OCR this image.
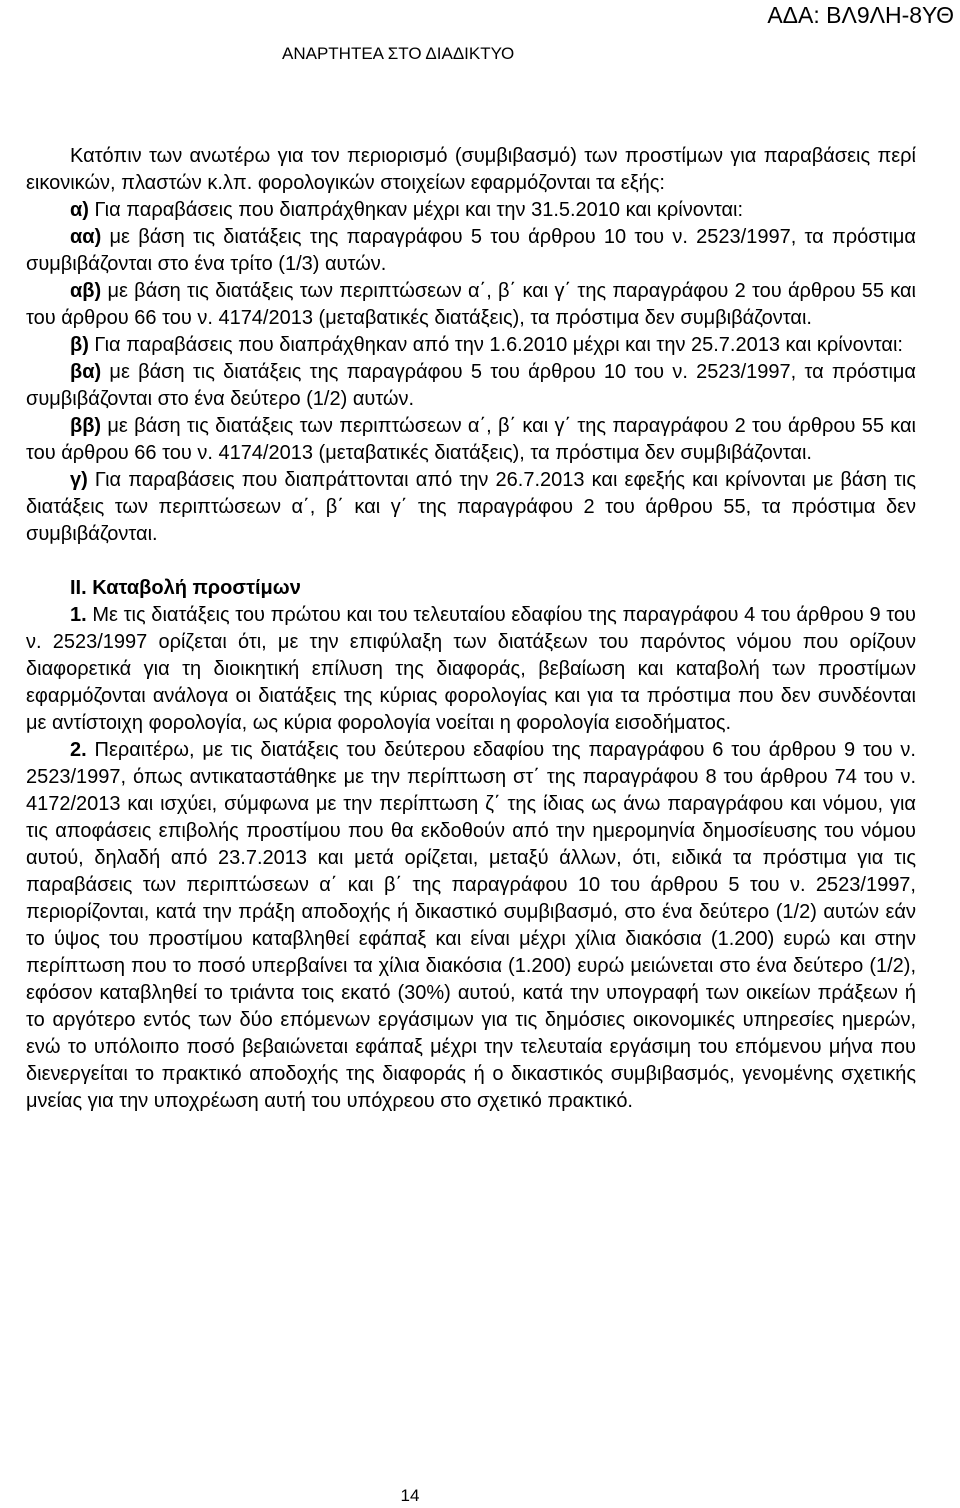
ΑΔΑ: ΒΛ9ΛΗ-8ΥΘ
ΑΝΑΡΤΗΤΕΑ ΣΤΟ ΔΙΑΔΙΚΤΥΟ

Κατόπιν των ανωτέρω για τον περιορισμό (συμβιβασμό) των προστίμων για παραβάσεις περί εικονικών, πλαστών κ.λπ. φορολογικών στοιχείων εφαρμόζονται τα εξής:

α) Για παραβάσεις που διαπράχθηκαν μέχρι και την 31.5.2010 και κρίνονται:

αα) με βάση τις διατάξεις της παραγράφου 5 του άρθρου 10 του ν. 2523/1997, τα πρόστιμα συμβιβάζονται στο ένα τρίτο (1/3) αυτών.

αβ) με βάση τις διατάξεις των περιπτώσεων α΄, β΄ και γ΄ της παραγράφου 2 του άρθρου 55 και του άρθρου 66 του ν. 4174/2013 (μεταβατικές διατάξεις), τα πρόστιμα δεν συμβιβάζονται.

β) Για παραβάσεις που διαπράχθηκαν από την 1.6.2010 μέχρι και την 25.7.2013 και κρίνονται:

βα) με βάση τις διατάξεις της παραγράφου 5 του άρθρου 10 του ν. 2523/1997, τα πρόστιμα συμβιβάζονται στο ένα δεύτερο (1/2) αυτών.

ββ) με βάση τις διατάξεις των περιπτώσεων α΄, β΄ και γ΄ της παραγράφου 2 του άρθρου 55 και του άρθρου 66 του ν. 4174/2013 (μεταβατικές διατάξεις), τα πρόστιμα δεν συμβιβάζονται.

γ) Για παραβάσεις που διαπράττονται από την 26.7.2013 και εφεξής και κρίνονται με βάση τις διατάξεις των περιπτώσεων α΄, β΄ και γ΄ της παραγράφου 2 του άρθρου 55, τα πρόστιμα δεν συμβιβάζονται.

ΙΙ. Καταβολή προστίμων

1. Με τις διατάξεις του πρώτου και του τελευταίου εδαφίου της παραγράφου 4 του άρθρου 9 του ν. 2523/1997 ορίζεται ότι, με την επιφύλαξη των διατάξεων του παρόντος νόμου που ορίζουν διαφορετικά για τη διοικητική επίλυση της διαφοράς, βεβαίωση και καταβολή των προστίμων εφαρμόζονται ανάλογα οι διατάξεις της κύριας φορολογίας και για τα πρόστιμα που δεν συνδέονται με αντίστοιχη φορολογία, ως κύρια φορολογία νοείται η φορολογία εισοδήματος.

2. Περαιτέρω, με τις διατάξεις του δεύτερου εδαφίου της παραγράφου 6 του άρθρου 9 του ν. 2523/1997, όπως αντικαταστάθηκε με την περίπτωση στ΄ της παραγράφου 8 του άρθρου 74 του ν. 4172/2013 και ισχύει, σύμφωνα με την περίπτωση ζ΄ της ίδιας ως άνω παραγράφου και νόμου, για τις αποφάσεις επιβολής προστίμου που θα εκδοθούν από την ημερομηνία δημοσίευσης του νόμου αυτού, δηλαδή από 23.7.2013 και μετά ορίζεται, μεταξύ άλλων, ότι, ειδικά τα πρόστιμα για τις παραβάσεις των περιπτώσεων α΄ και β΄ της παραγράφου 10 του άρθρου 5 του ν. 2523/1997, περιορίζονται, κατά την πράξη αποδοχής ή δικαστικό συμβιβασμό, στο ένα δεύτερο (1/2) αυτών εάν το ύψος του προστίμου καταβληθεί εφάπαξ και είναι μέχρι χίλια διακόσια (1.200) ευρώ και στην περίπτωση που το ποσό υπερβαίνει τα χίλια διακόσια (1.200) ευρώ μειώνεται στο ένα δεύτερο (1/2), εφόσον καταβληθεί το τριάντα τοις εκατό (30%) αυτού, κατά την υπογραφή των οικείων πράξεων ή το αργότερο εντός των δύο επόμενων εργάσιμων για τις δημόσιες οικονομικές υπηρεσίες ημερών, ενώ το υπόλοιπο ποσό βεβαιώνεται εφάπαξ μέχρι την τελευταία εργάσιμη του επόμενου μήνα που διενεργείται το πρακτικό αποδοχής της διαφοράς ή ο δικαστικός συμβιβασμός, γενομένης σχετικής μνείας για την υποχρέωση αυτή του υπόχρεου στο σχετικό πρακτικό.

14
